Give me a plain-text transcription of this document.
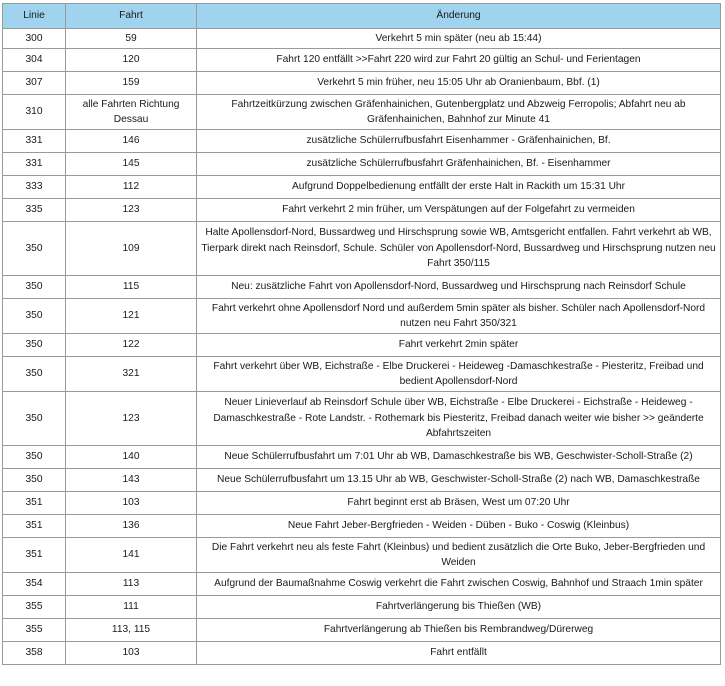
Linie	Fahrt	Änderung
300	59	Verkehrt 5 min später (neu ab 15:44)
304	120	Fahrt 120 entfällt >>Fahrt 220 wird zur Fahrt 20 gültig an Schul- und Ferientagen
307	159	Verkehrt 5 min früher, neu 15:05 Uhr ab Oranienbaum, Bbf. (1)
310	alle Fahrten Richtung Dessau	Fahrtzeitkürzung zwischen Gräfenhainichen, Gutenbergplatz und Abzweig Ferropolis; Abfahrt neu ab Gräfenhainichen, Bahnhof zur Minute 41
331	146	zusätzliche Schülerrufbusfahrt Eisenhammer - Gräfenhainichen, Bf.
331	145	zusätzliche Schülerrufbusfahrt Gräfenhainichen, Bf. - Eisenhammer
333	112	Aufgrund Doppelbedienung entfällt der erste Halt in Rackith um 15:31 Uhr
335	123	Fahrt verkehrt 2 min früher, um Verspätungen auf der Folgefahrt zu vermeiden
350	109	Halte Apollensdorf-Nord, Bussardweg und Hirschsprung sowie WB, Amtsgericht entfallen. Fahrt verkehrt ab WB, Tierpark direkt nach Reinsdorf, Schule. Schüler von Apollensdorf-Nord, Bussardweg und Hirschsprung nutzen neu Fahrt 350/115
350	115	Neu: zusätzliche Fahrt von Apollensdorf-Nord, Bussardweg und Hirschsprung nach Reinsdorf Schule
350	121	Fahrt verkehrt ohne Apollensdorf Nord und außerdem 5min später als bisher. Schüler nach Apollensdorf-Nord nutzen neu Fahrt 350/321
350	122	Fahrt verkehrt 2min später
350	321	Fahrt verkehrt über WB, Eichstraße - Elbe Druckerei - Heideweg -Damaschkestraße - Piesteritz, Freibad und bedient Apollensdorf-Nord
350	123	Neuer Linieverlauf ab Reinsdorf Schule über WB, Eichstraße - Elbe Druckerei - Eichstraße - Heideweg - Damaschkestraße - Rote Landstr. - Rothemark bis Piesteritz, Freibad danach weiter wie bisher >> geänderte Abfahrtszeiten
350	140	Neue Schülerrufbusfahrt um 7:01 Uhr ab WB, Damaschkestraße bis WB, Geschwister-Scholl-Straße (2)
350	143	Neue Schülerrufbusfahrt um 13.15 Uhr ab WB, Geschwister-Scholl-Straße (2) nach WB, Damaschkestraße
351	103	Fahrt beginnt erst ab Bräsen, West um 07:20 Uhr
351	136	Neue Fahrt Jeber-Bergfrieden - Weiden - Düben - Buko - Coswig (Kleinbus)
351	141	Die Fahrt verkehrt neu als feste Fahrt (Kleinbus) und bedient zusätzlich die Orte Buko, Jeber-Bergfrieden und Weiden
354	113	Aufgrund der Baumaßnahme Coswig verkehrt die Fahrt zwischen Coswig, Bahnhof und Straach 1min später
355	111	Fahrtverlängerung bis Thießen (WB)
355	113, 115	Fahrtverlängerung ab Thießen bis Rembrandweg/Dürerweg
358	103	Fahrt entfällt
